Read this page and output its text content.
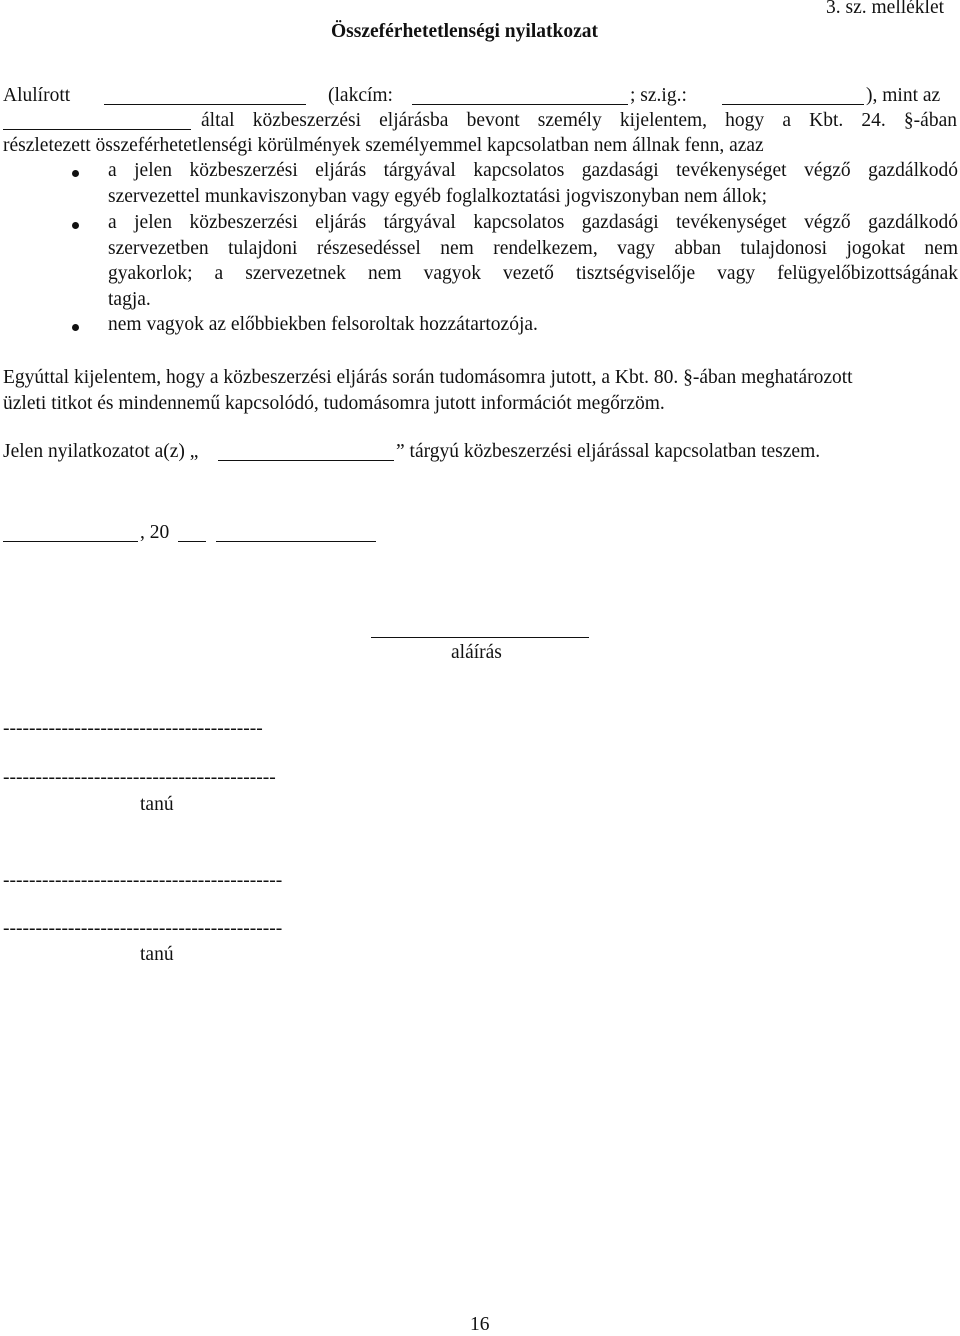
3. sz. melléklet
Összeférhetetlenségi nyilatkozat
Alulírott	(lakcím:	; sz.ig.:	), mint az
által közbeszerzési eljárásba bevont személy kijelentem, hogy a Kbt. 24. §-ában
részletezett összeférhetetlenségi körülmények személyemmel kapcsolatban nem állnak fenn, azaz
a jelen közbeszerzési eljárás tárgyával kapcsolatos gazdasági tevékenységet végző gazdálkodó
szervezettel munkaviszonyban vagy egyéb foglalkoztatási jogviszonyban nem állok;
a jelen közbeszerzési eljárás tárgyával kapcsolatos gazdasági tevékenységet végző gazdálkodó
szervezetben tulajdoni részesedéssel nem rendelkezem, vagy abban tulajdonosi jogokat nem
gyakorlok; a szervezetnek nem vagyok vezető tisztségviselője vagy felügyelőbizottságának
tagja.
nem vagyok az előbbiekben felsoroltak hozzátartozója.
Egyúttal kijelentem, hogy a közbeszerzési eljárás során tudomásomra jutott, a Kbt. 80. §-ában meghatározott
üzleti titkot és mindennemű kapcsolódó, tudomásomra jutott információt megőrzöm.
Jelen nyilatkozatot a(z) „	” tárgyú közbeszerzési eljárással kapcsolatban teszem.
, 20
aláírás
----------------------------------------
------------------------------------------
tanú
-------------------------------------------
-------------------------------------------
tanú
16
